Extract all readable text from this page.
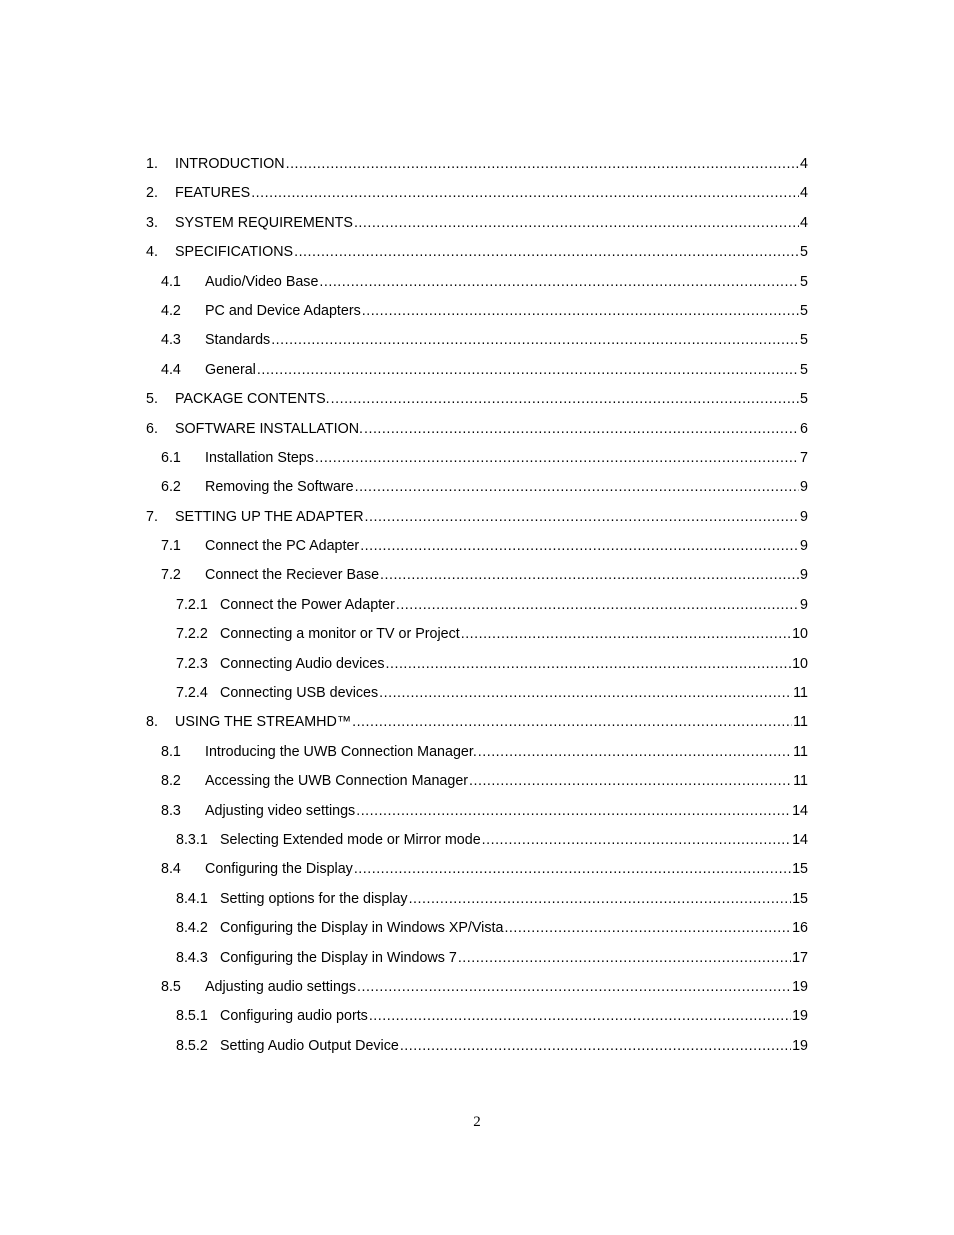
1.	INTRODUCTION .....	4
2.	FEATURES .....	4
3.	SYSTEM REQUIREMENTS .....	4
4.	SPECIFICATIONS .....	5
4.1	Audio/Video Base .....	5
4.2	PC and Device Adapters .....	5
4.3	Standards .....	5
4.4	General .....	5
5.	PACKAGE CONTENTS. .....	5
6.	SOFTWARE INSTALLATION. .....	6
6.1	Installation Steps .....	7
6.2	Removing the Software .....	9
7.	SETTING UP THE ADAPTER .....	9
7.1	Connect the PC Adapter .....	9
7.2	Connect the Reciever Base .....	9
7.2.1 Connect the Power Adapter .....	9
7.2.2 Connecting a monitor or TV or Project .....	10
7.2.3 Connecting Audio devices .....	10
7.2.4 Connecting USB devices .....	11
8.	USING THE STREAMHD™ .....	11
8.1	Introducing the UWB Connection Manager. .....	11
8.2	Accessing the UWB Connection Manager .....	11
8.3	Adjusting video settings .....	14
8.3.1 Selecting Extended mode or Mirror mode .....	14
8.4	Configuring the Display .....	15
8.4.1 Setting options for the display .....	15
8.4.2 Configuring the Display in Windows XP/Vista .....	16
8.4.3 Configuring the Display in Windows 7 .....	17
8.5	Adjusting audio settings .....	19
8.5.1 Configuring audio ports .....	19
8.5.2 Setting Audio Output Device .....	19
2
